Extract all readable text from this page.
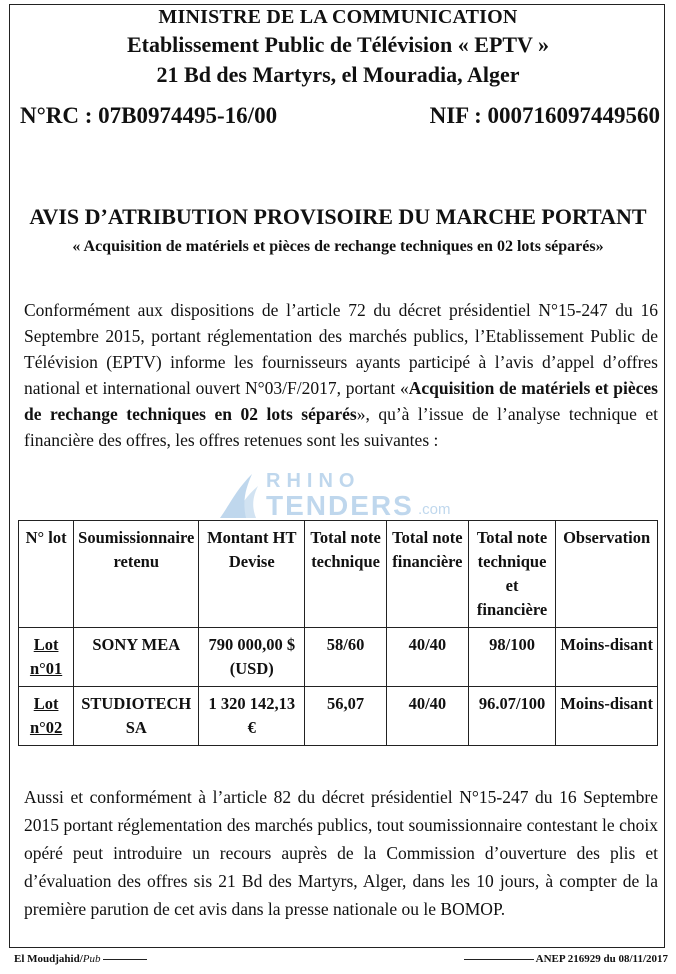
MINISTRE DE LA COMMUNICATION
Etablissement Public de Télévision « EPTV »
21 Bd des Martyrs, el Mouradia, Alger
N°RC : 07B0974495-16/00	NIF : 000716097449560
AVIS D’ATRIBUTION PROVISOIRE DU MARCHE PORTANT
« Acquisition de matériels et pièces de rechange techniques en 02 lots séparés»
Conformément aux dispositions de l’article 72 du décret présidentiel N°15-247 du 16 Septembre 2015, portant réglementation des marchés publics, l’Etablissement Public de Télévision (EPTV) informe les fournisseurs ayants participé à l’avis d’appel d’offres national et international ouvert N°03/F/2017, portant «Acquisition de matériels et pièces de rechange techniques en 02 lots séparés», qu’à l’issue de l’analyse technique et financière des offres, les offres retenues sont les suivantes :
RHINO
TENDERS .com
N° lot	Soumissionnaire retenu	Montant HT Devise	Total note technique	Total note financière	Total note technique et financière	Observation
Lot n°01	SONY MEA	790 000,00 $ (USD)	58/60	40/40	98/100	Moins-disant
Lot n°02	STUDIOTECH SA	1 320 142,13 €	56,07	40/40	96.07/100	Moins-disant
Aussi et conformément à l’article 82 du décret présidentiel N°15-247 du 16 Septembre 2015 portant réglementation des marchés publics, tout soumissionnaire contestant le choix opéré peut introduire un recours auprès de la Commission d’ouverture des plis et d’évaluation des offres sis 21 Bd des Martyrs, Alger, dans les 10 jours, à compter de la première parution de cet avis dans la presse nationale ou le BOMOP.
El Moudjahid/Pub	ANEP 216929 du 08/11/2017
